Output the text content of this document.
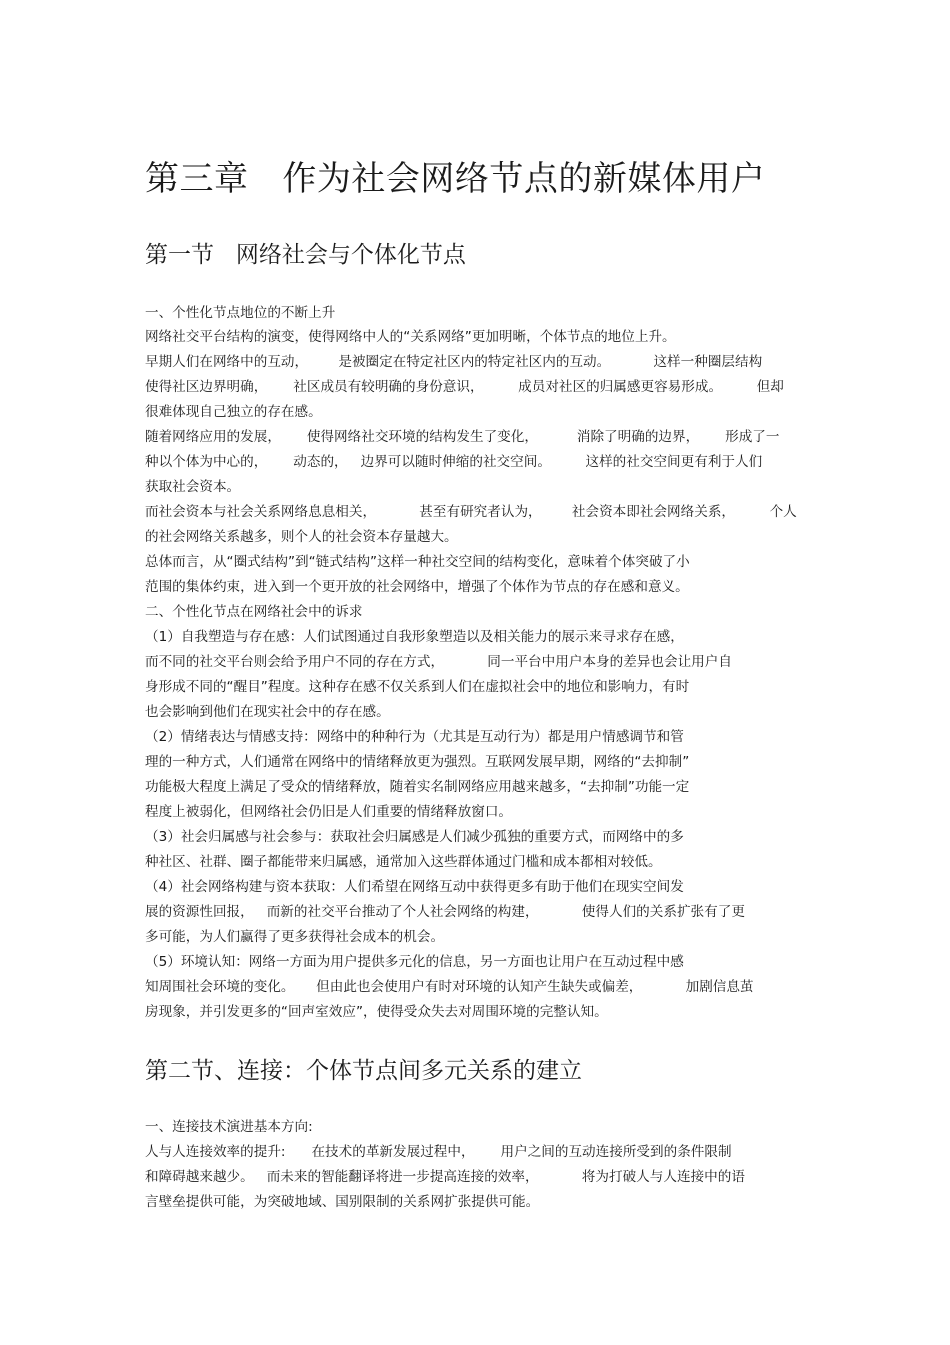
第三章   作为社会网络节点的新媒体用户
第一节   网络社会与个体化节点
一、个性化节点地位的不断上升
网络社交平台结构的演变，使得网络中人的“关系网络”更加明晰，个体节点的地位上升。
早期人们在网络中的互动，       是被圈定在特定社区内的特定社区内的互动。          这样一种圈层结构
使得社区边界明确，      社区成员有较明确的身份意识，        成员对社区的归属感更容易形成。        但却
很难体现自己独立的存在感。
随着网络应用的发展，      使得网络社交环境的结构发生了变化，         消除了明确的边界，      形成了一
种以个体为中心的，      动态的，   边界可以随时伸缩的社交空间。        这样的社交空间更有利于人们
获取社会资本。
而社会资本与社会关系网络息息相关，          甚至有研究者认为，       社会资本即社会网络关系，        个人
的社会网络关系越多，则个人的社会资本存量越大。
总体而言，从“圈式结构”到“链式结构”这样一种社交空间的结构变化，意味着个体突破了小
范围的集体约束，进入到一个更开放的社会网络中，增强了个体作为节点的存在感和意义。
二、个性化节点在网络社会中的诉求
（1）自我塑造与存在感：人们试图通过自我形象塑造以及相关能力的展示来寻求存在感，
而不同的社交平台则会给予用户不同的存在方式，          同一平台中用户本身的差异也会让用户自
身形成不同的“醒目”程度。这种存在感不仅关系到人们在虚拟社会中的地位和影响力，有时
也会影响到他们在现实社会中的存在感。
（2）情绪表达与情感支持：网络中的种种行为（尤其是互动行为）都是用户情感调节和管
理的一种方式，人们通常在网络中的情绪释放更为强烈。互联网发展早期，网络的“去抑制”
功能极大程度上满足了受众的情绪释放，随着实名制网络应用越来越多，“去抑制”功能一定
程度上被弱化，但网络社会仍旧是人们重要的情绪释放窗口。
（3）社会归属感与社会参与：获取社会归属感是人们减少孤独的重要方式，而网络中的多
种社区、社群、圈子都能带来归属感，通常加入这些群体通过门槛和成本都相对较低。
（4）社会网络构建与资本获取：人们希望在网络互动中获得更多有助于他们在现实空间发
展的资源性回报，   而新的社交平台推动了个人社会网络的构建，          使得人们的关系扩张有了更
多可能，为人们赢得了更多获得社会成本的机会。
（5）环境认知：网络一方面为用户提供多元化的信息，另一方面也让用户在互动过程中感
知周围社会环境的变化。     但由此也会使用户有时对环境的认知产生缺失或偏差，          加剧信息茧
房现象，并引发更多的“回声室效应”，使得受众失去对周围环境的完整认知。
第二节、连接：个体节点间多元关系的建立
一、连接技术演进基本方向:
人与人连接效率的提升:      在技术的革新发展过程中，      用户之间的互动连接所受到的条件限制
和障碍越来越少。   而未来的智能翻译将进一步提高连接的效率，          将为打破人与人连接中的语
言壁垒提供可能，为突破地域、国别限制的关系网扩张提供可能。
